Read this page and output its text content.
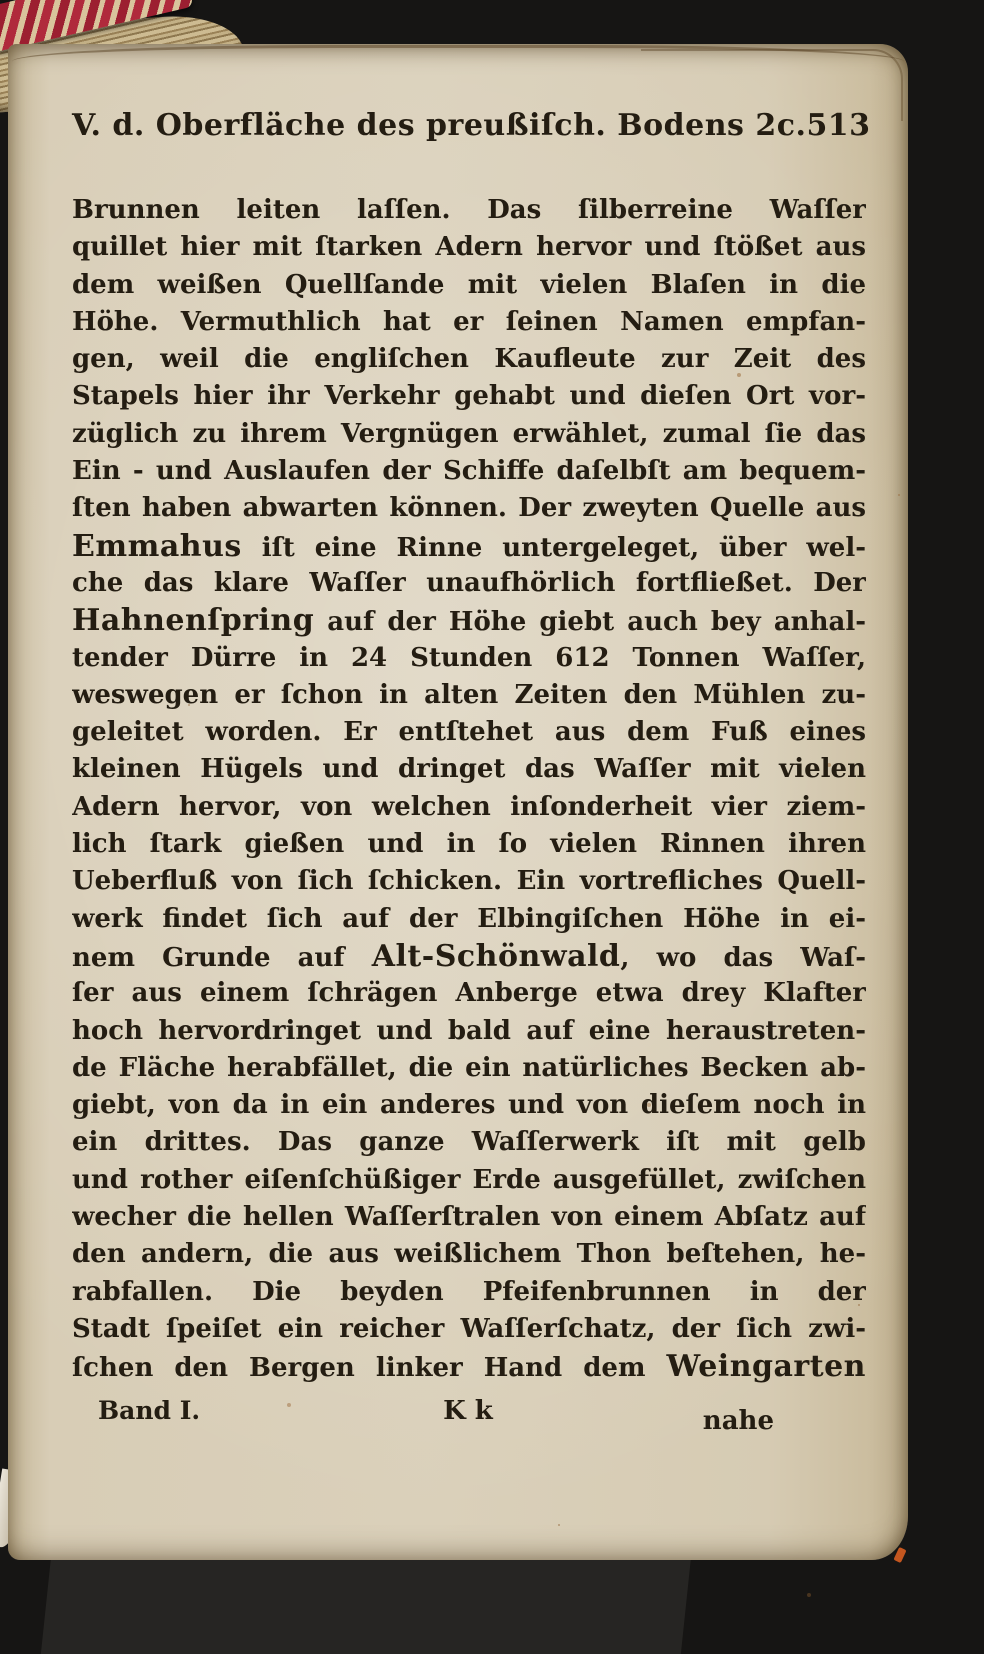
V. d. Oberfläche des preußiſch. Bodens 2c. 513
Brunnen leiten laſſen. Das ſilberreine Waſſer
quillet hier mit ſtarken Adern hervor und ſtößet aus
dem weißen Quellſande mit vielen Blaſen in die
Höhe. Vermuthlich hat er ſeinen Namen empfan-
gen, weil die engliſchen Kaufleute zur Zeit des
Stapels hier ihr Verkehr gehabt und dieſen Ort vor-
züglich zu ihrem Vergnügen erwählet, zumal ſie das
Ein - und Auslaufen der Schiffe daſelbſt am bequem-
ſten haben abwarten können. Der zweyten Quelle aus
Emmahus iſt eine Rinne untergeleget, über wel-
che das klare Waſſer unaufhörlich fortfließet. Der
Hahnenſpring auf der Höhe giebt auch bey anhal-
tender Dürre in 24 Stunden 612 Tonnen Waſſer,
weswegen er ſchon in alten Zeiten den Mühlen zu-
geleitet worden. Er entſtehet aus dem Fuß eines
kleinen Hügels und dringet das Waſſer mit vielen
Adern hervor, von welchen inſonderheit vier ziem-
lich ſtark gießen und in ſo vielen Rinnen ihren
Ueberfluß von ſich ſchicken. Ein vortrefliches Quell-
werk findet ſich auf der Elbingiſchen Höhe in ei-
nem Grunde auf Alt-Schönwald, wo das Waſ-
ſer aus einem ſchrägen Anberge etwa drey Klafter
hoch hervordringet und bald auf eine heraustreten-
de Fläche herabfället, die ein natürliches Becken ab-
giebt, von da in ein anderes und von dieſem noch in
ein drittes. Das ganze Waſſerwerk iſt mit gelb
und rother eiſenſchüßiger Erde ausgefüllet, zwiſchen
wecher die hellen Waſſerſtralen von einem Abſatz auf
den andern, die aus weißlichem Thon beſtehen, he-
rabfallen. Die beyden Pfeifenbrunnen in der
Stadt ſpeiſet ein reicher Waſſerſchatz, der ſich zwi-
ſchen den Bergen linker Hand dem Weingarten
Band I.	K k	nahe
